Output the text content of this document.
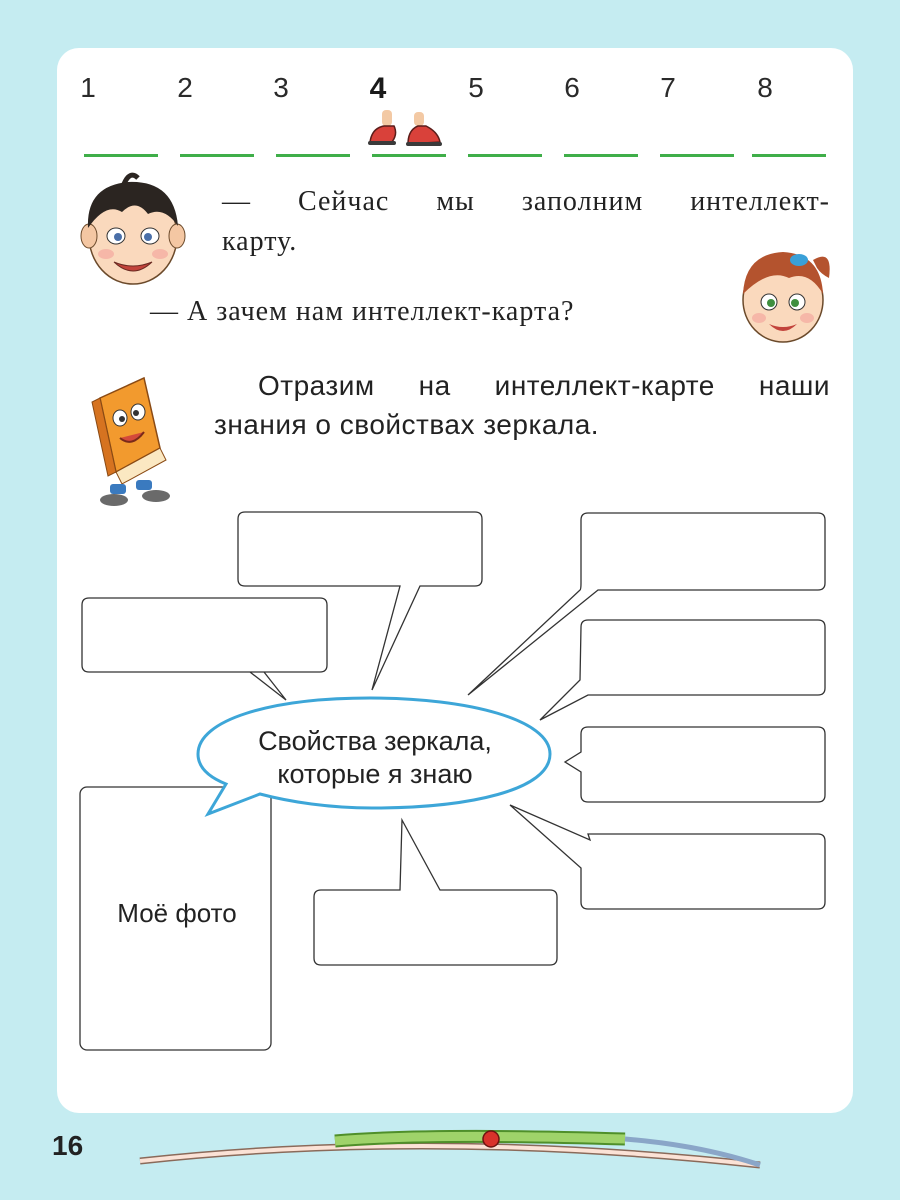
1	2	3	4	5	6	7	8
— Сейчас мы заполним интеллект-
карту.
— А зачем нам интеллект-карта?
Отразим на интеллект-карте наши
знания о свойствах зеркала.
Свойства зеркала,
которые я знаю
Моё фото
16
